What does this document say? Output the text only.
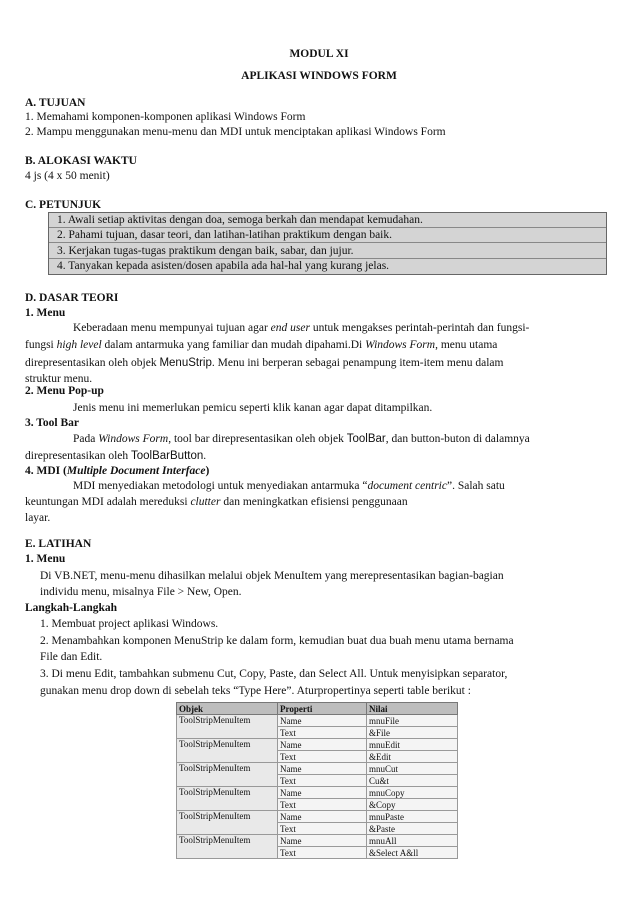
MODUL XI
APLIKASI WINDOWS FORM
A. TUJUAN
1. Memahami komponen-komponen aplikasi Windows Form
2. Mampu menggunakan menu-menu dan MDI untuk menciptakan aplikasi Windows Form
B. ALOKASI WAKTU
4 js (4 x 50 menit)
C. PETUNJUK
1. Awali setiap aktivitas dengan doa, semoga berkah dan mendapat kemudahan.
2. Pahami tujuan, dasar teori, dan latihan-latihan praktikum dengan baik.
3. Kerjakan tugas-tugas praktikum dengan baik, sabar, dan jujur.
4. Tanyakan kepada asisten/dosen apabila ada hal-hal yang kurang jelas.
D. DASAR TEORI
1. Menu
Keberadaan menu mempunyai tujuan agar end user untuk mengakses perintah-perintah dan fungsi-
fungsi high level dalam antarmuka yang familiar dan mudah dipahami.Di Windows Form, menu utama
direpresentasikan oleh objek MenuStrip. Menu ini berperan sebagai penampung item-item menu dalam
struktur menu.
2. Menu Pop-up
Jenis menu ini memerlukan pemicu seperti klik kanan agar dapat ditampilkan.
3. Tool Bar
Pada Windows Form, tool bar direpresentasikan oleh objek ToolBar, dan button-buton di dalamnya
direpresentasikan oleh ToolBarButton.
4. MDI (Multiple Document Interface)
MDI menyediakan metodologi untuk menyediakan antarmuka “document centric”. Salah satu
keuntungan MDI adalah mereduksi clutter dan meningkatkan efisiensi penggunaan
layar.
E. LATIHAN
1. Menu
Di VB.NET, menu-menu dihasilkan melalui objek MenuItem yang merepresentasikan bagian-bagian
individu menu, misalnya File > New, Open.
Langkah-Langkah
1. Membuat project aplikasi Windows.
2. Menambahkan komponen MenuStrip ke dalam form, kemudian buat dua buah menu utama bernama
File dan Edit.
3. Di menu Edit, tambahkan submenu Cut, Copy, Paste, dan Select All. Untuk menyisipkan separator,
gunakan menu drop down di sebelah teks “Type Here”. Aturpropertinya seperti table berikut :
Objek	Properti	Nilai
ToolStripMenuItem	Name	mnuFile
	Text	&File
ToolStripMenuItem	Name	mnuEdit
	Text	&Edit
ToolStripMenuItem	Name	mnuCut
	Text	Cu&t
ToolStripMenuItem	Name	mnuCopy
	Text	&Copy
ToolStripMenuItem	Name	mnuPaste
	Text	&Paste
ToolStripMenuItem	Name	mnuAll
	Text	&Select A&ll
